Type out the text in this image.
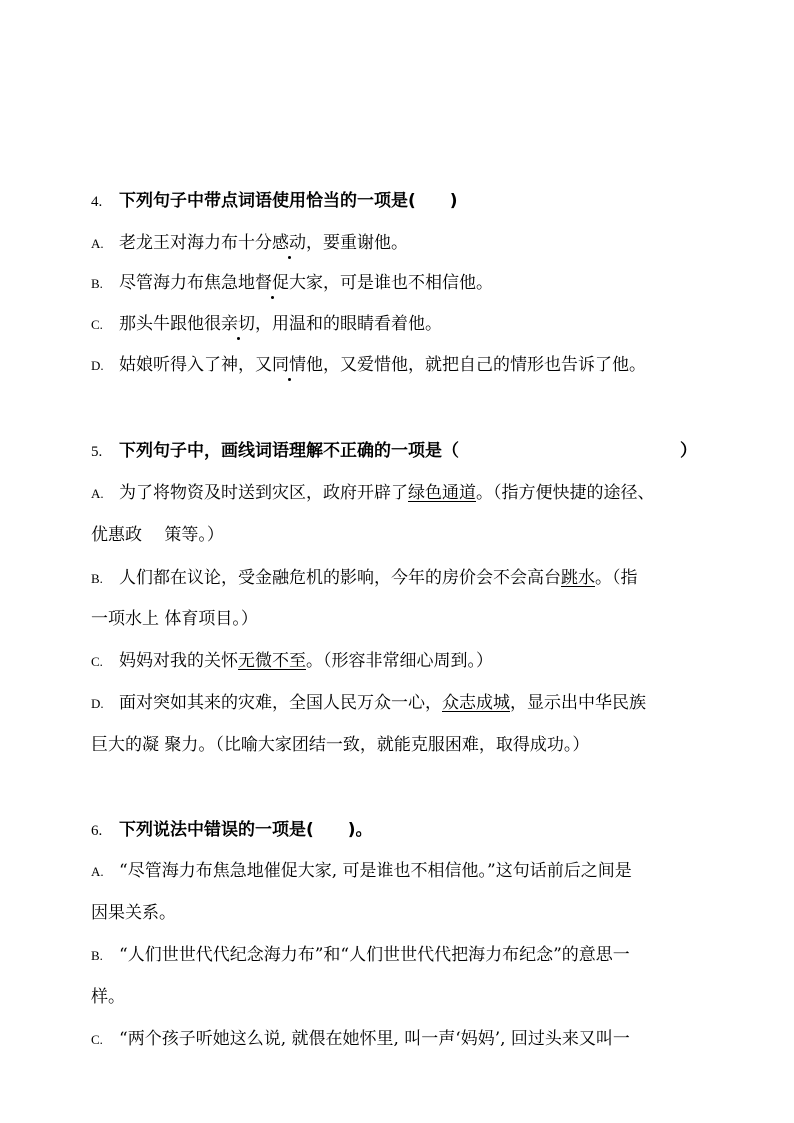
4. 下列句子中带点词语使用恰当的一项是(　　)
A. 老龙王对海力布十分感动，要重谢他。
B. 尽管海力布焦急地督促大家，可是谁也不相信他。
C. 那头牛跟他很亲切，用温和的眼睛看着他。
D. 姑娘听得入了神，又同情他，又爱惜他，就把自己的情形也告诉了他。
5. 下列句子中，画线词语理解不正确的一项是（	）
A. 为了将物资及时送到灾区，政府开辟了绿色通道。（指方便快捷的途径、
优惠政　 策等。）
B. 人们都在议论，受金融危机的影响，今年的房价会不会高台跳水。（指
一项水上 体育项目。）
C. 妈妈对我的关怀无微不至。（形容非常细心周到。）
D. 面对突如其来的灾难，全国人民万众一心，众志成城，显示出中华民族
巨大的凝 聚力。（比喻大家团结一致，就能克服困难，取得成功。）
6. 下列说法中错误的一项是(　　)。
A. “尽管海力布焦急地催促大家, 可是谁也不相信他。”这句话前后之间是
因果关系。
B. “人们世世代代纪念海力布”和“人们世世代代把海力布纪念”的意思一
样。
C. “两个孩子听她这么说, 就偎在她怀里, 叫一声‘妈妈’, 回过头来又叫一
